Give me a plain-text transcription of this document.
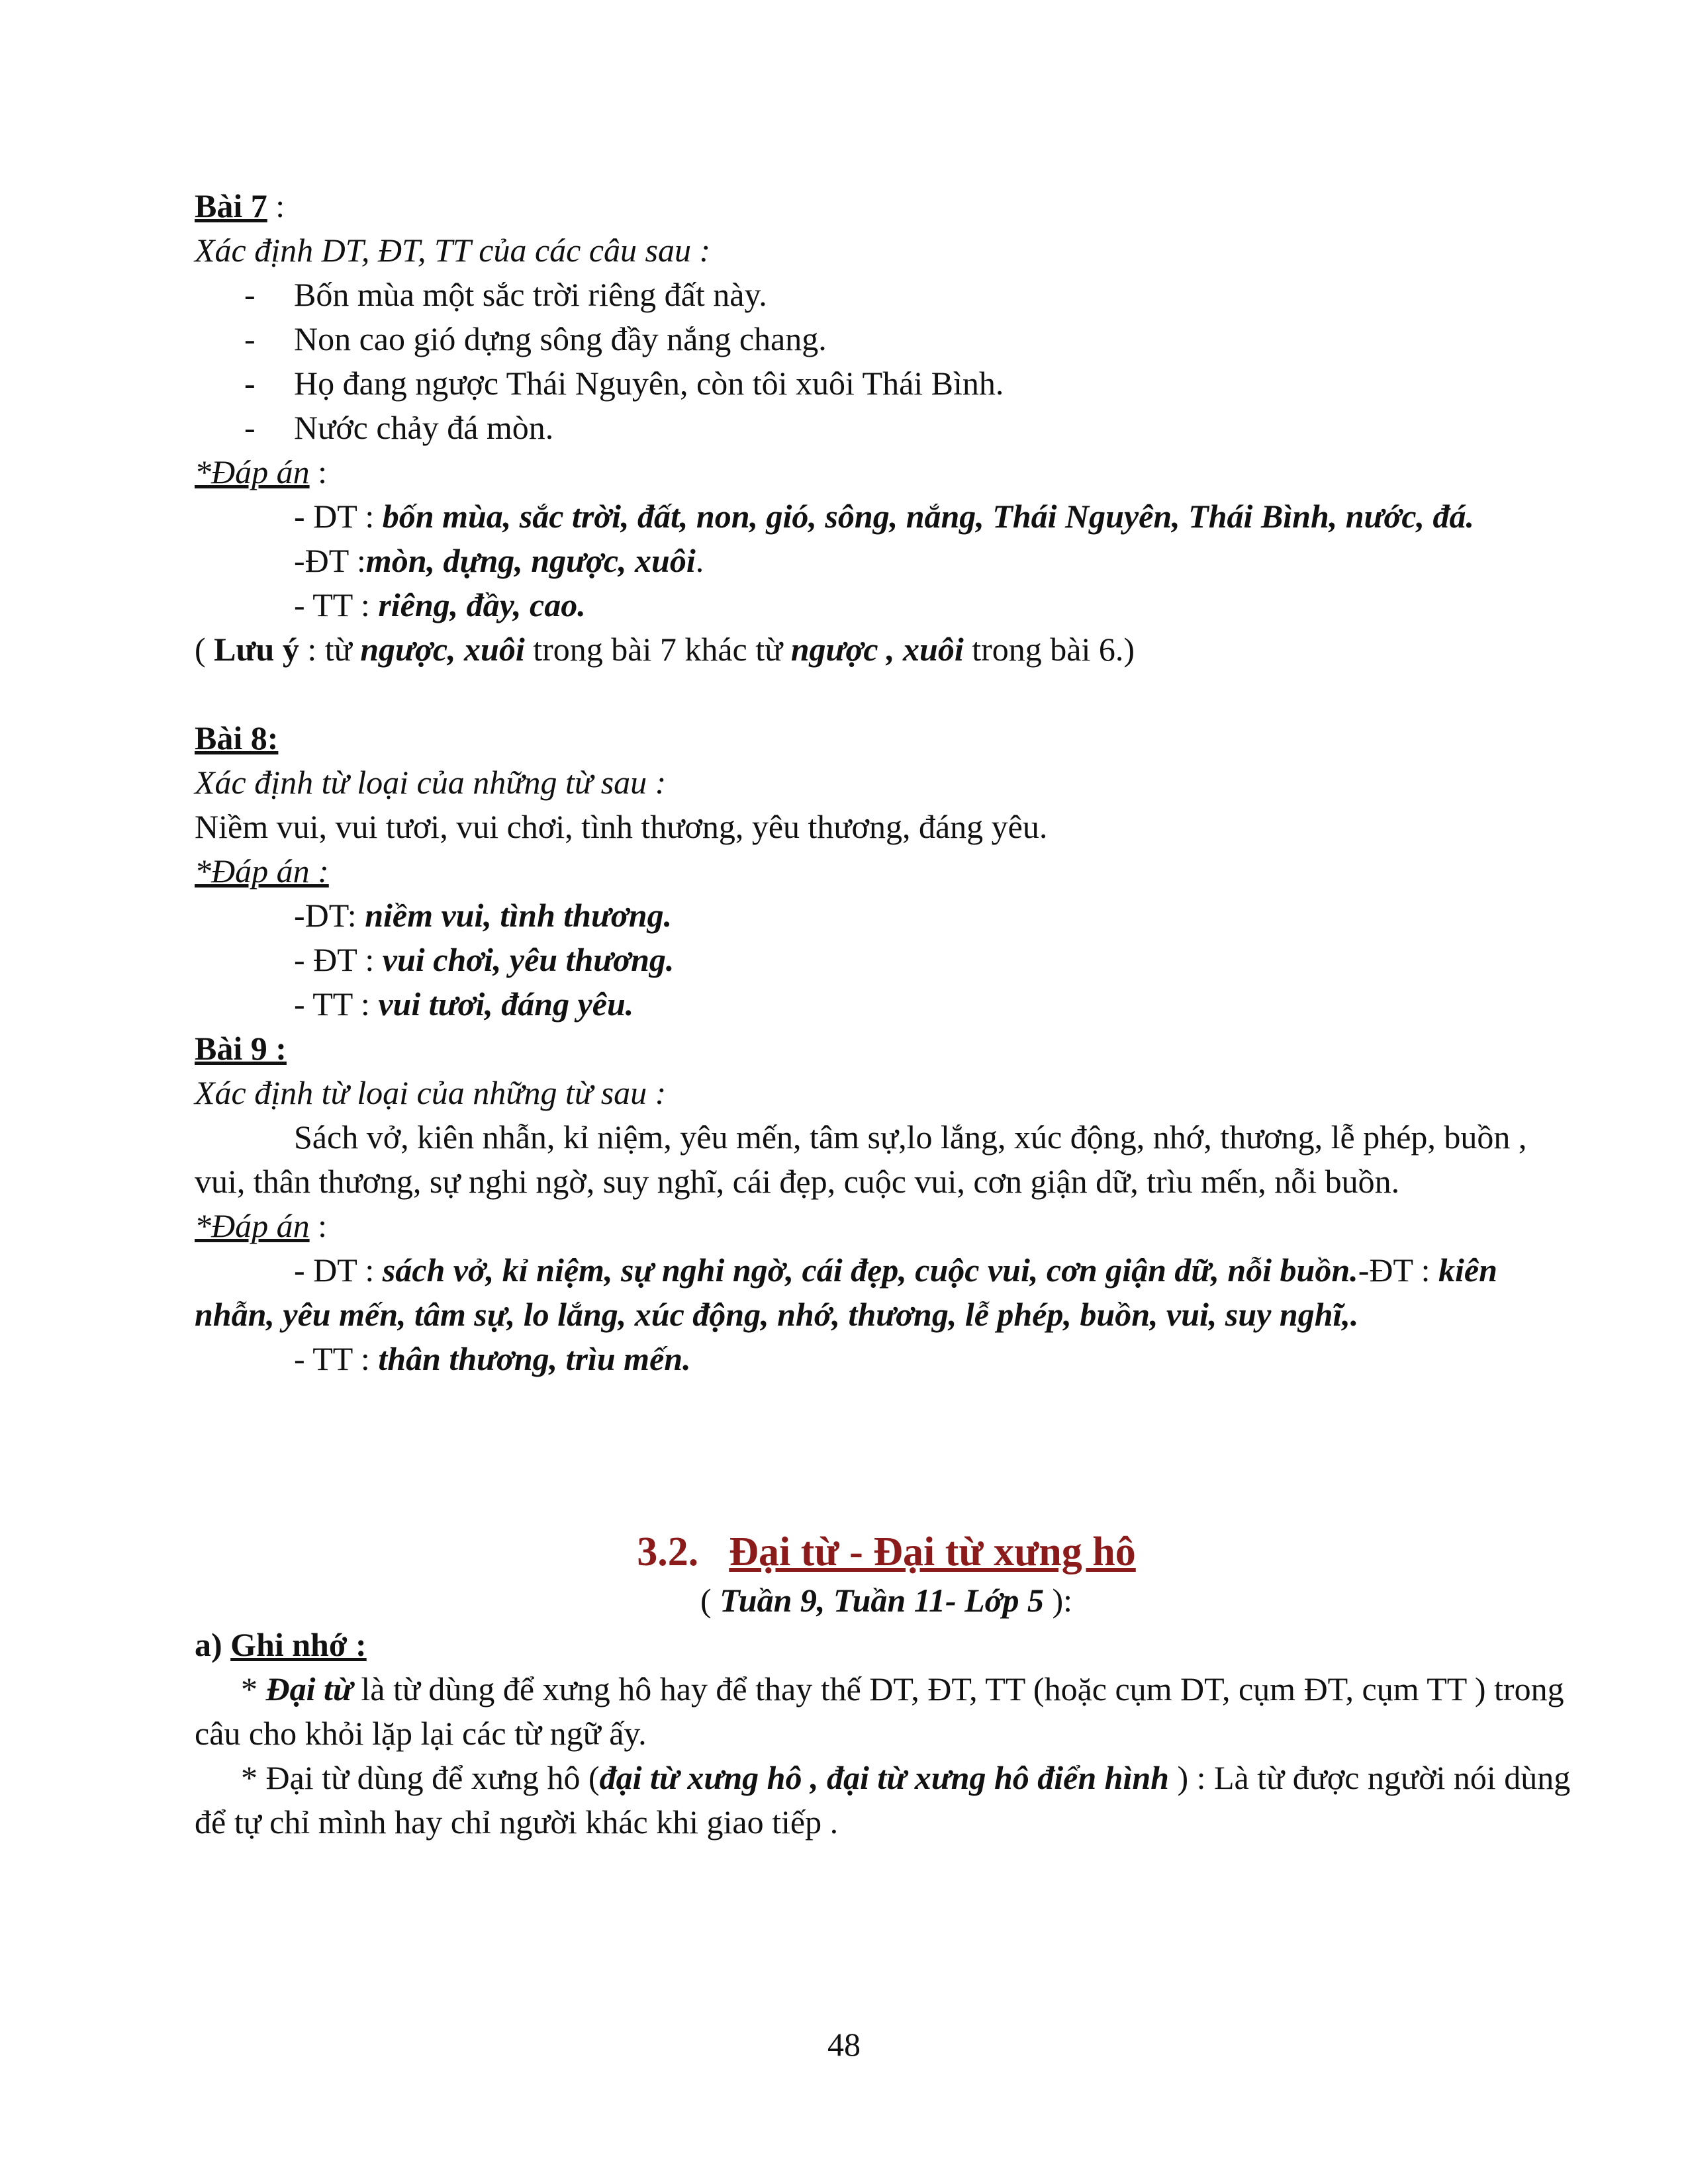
Bài 7 :
Xác định DT, ĐT, TT của các câu sau :
- Bốn mùa một sắc trời riêng đất này.
- Non cao gió dựng sông đầy nắng chang.
- Họ đang ngược Thái Nguyên, còn tôi xuôi Thái Bình.
- Nước chảy đá mòn.
*Đáp án :
- DT : bốn mùa, sắc trời, đất, non, gió, sông, nắng, Thái Nguyên, Thái Bình, nước, đá.
-ĐT :mòn, dựng, ngược, xuôi.
- TT : riêng, đầy, cao.
( Lưu ý : từ ngược, xuôi trong bài 7 khác từ ngược , xuôi trong bài 6.)
Bài 8:
Xác định từ loại của những từ sau :
Niềm vui, vui tươi, vui chơi, tình thương, yêu thương, đáng yêu.
*Đáp án :
-DT: niềm vui, tình thương.
- ĐT : vui chơi, yêu thương.
- TT : vui tươi, đáng yêu.
Bài 9 :
Xác định từ loại của những từ sau :
Sách vở, kiên nhẫn, kỉ niệm, yêu mến, tâm sự,lo lắng, xúc động, nhớ, thương, lễ phép, buồn , vui, thân thương, sự nghi ngờ, suy nghĩ, cái đẹp, cuộc vui, cơn giận dữ, trìu mến, nỗi buồn.
*Đáp án :
- DT : sách vở, kỉ niệm, sự nghi ngờ, cái đẹp, cuộc vui, cơn giận dữ, nỗi buồn.-ĐT : kiên nhẫn, yêu mến, tâm sự, lo lắng, xúc động, nhớ, thương, lễ phép, buồn, vui, suy nghĩ,.
- TT : thân thương, trìu mến.
3.2. Đại từ - Đại từ xưng hô
( Tuần 9, Tuần 11- Lớp 5 ):
a) Ghi nhớ :
* Đại từ là từ dùng để xưng hô hay để thay thế DT, ĐT, TT (hoặc cụm DT, cụm ĐT, cụm TT ) trong câu cho khỏi lặp lại các từ ngữ ấy.
* Đại từ dùng để xưng hô (đại từ xưng hô , đại từ xưng hô điển hình ) : Là từ được người nói dùng để tự chỉ mình hay chỉ người khác khi giao tiếp .
48
